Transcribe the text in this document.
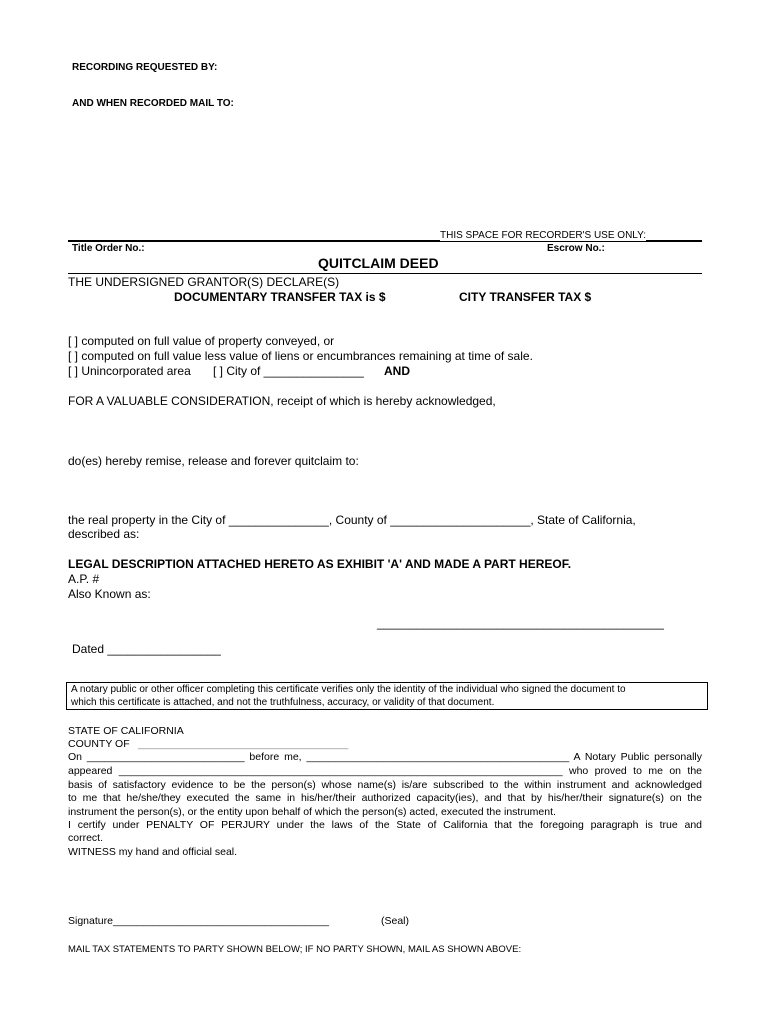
RECORDING REQUESTED BY:
AND WHEN RECORDED MAIL TO:
THIS SPACE FOR RECORDER'S USE ONLY:
Title Order No.:	Escrow No.:
QUITCLAIM DEED
THE UNDERSIGNED GRANTOR(S) DECLARE(S)
DOCUMENTARY TRANSFER TAX is $	CITY TRANSFER TAX $
[ ] computed on full value of property conveyed, or
[ ] computed on full value less value of liens or encumbrances remaining at time of sale.
[ ] Unincorporated area [ ] City of _______________ AND
FOR A VALUABLE CONSIDERATION, receipt of which is hereby acknowledged,
do(es) hereby remise, release and forever quitclaim to:
the real property in the City of _______________, County of _____________________, State of California,
described as:
LEGAL DESCRIPTION ATTACHED HERETO AS EXHIBIT 'A' AND MADE A PART HEREOF.
A.P. #
Also Known as:
___________________________________________
Dated _________________
A notary public or other officer completing this certificate verifies only the identity of the individual who signed the document to
which this certificate is attached, and not the truthfulness, accuracy, or validity of that document.
STATE OF CALIFORNIA
COUNTY OF ____________________________________
On ___________________________ before me, _____________________________________________ A Notary Public personally
appeared ____________________________________________________________________________ who proved to me on the
basis of satisfactory evidence to be the person(s) whose name(s) is/are subscribed to the within instrument and acknowledged
to me that he/she/they executed the same in his/her/their authorized capacity(ies), and that by his/her/their signature(s) on the
instrument the person(s), or the entity upon behalf of which the person(s) acted, executed the instrument.
I certify under PENALTY OF PERJURY under the laws of the State of California that the foregoing paragraph is true and
correct.
WITNESS my hand and official seal.
Signature_____________________________________	(Seal)
MAIL TAX STATEMENTS TO PARTY SHOWN BELOW; IF NO PARTY SHOWN, MAIL AS SHOWN ABOVE:
